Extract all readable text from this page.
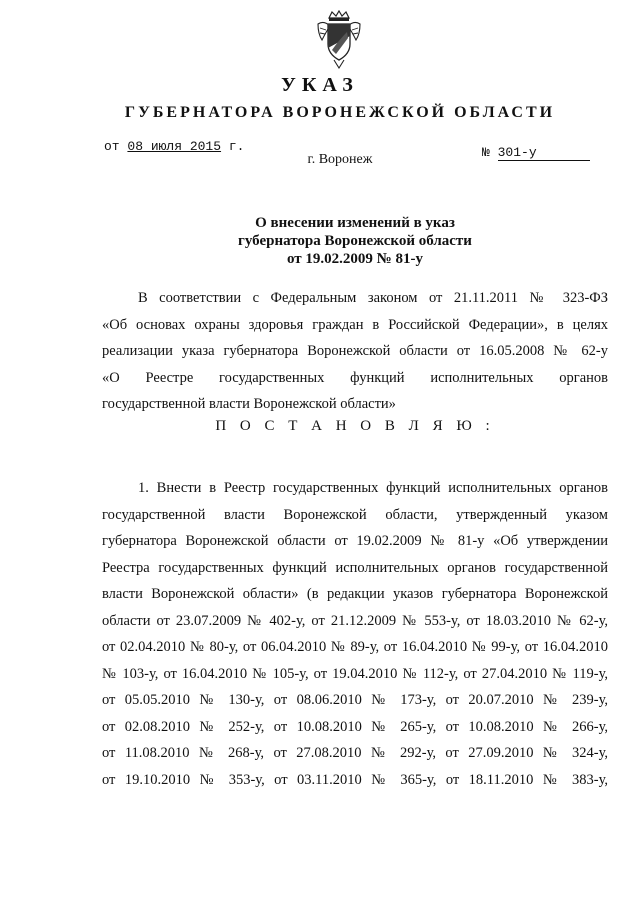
УКАЗ
ГУБЕРНАТОРА ВОРОНЕЖСКОЙ ОБЛАСТИ
от 08 июля 2015 г.	№ 301-у
г. Воронеж
О внесении изменений в указ
губернатора Воронежской области
от 19.02.2009 № 81-у
В соответствии с Федеральным законом от 21.11.2011 № 323-ФЗ
«Об основах охраны здоровья граждан в Российской Федерации», в целях
реализации указа губернатора Воронежской области от 16.05.2008 № 62-у
«О Реестре государственных функций исполнительных органов
государственной власти Воронежской области»
П О С Т А Н О В Л Я Ю :
1. Внести в Реестр государственных функций исполнительных органов
государственной власти Воронежской области, утвержденный указом
губернатора Воронежской области от 19.02.2009 № 81-у «Об утверждении
Реестра государственных функций исполнительных органов государственной
власти Воронежской области» (в редакции указов губернатора Воронежской
области от 23.07.2009 № 402-у, от 21.12.2009 № 553-у, от 18.03.2010 № 62-у,
от 02.04.2010 № 80-у, от 06.04.2010 № 89-у, от 16.04.2010 № 99-у, от 16.04.2010
№ 103-у, от 16.04.2010 № 105-у, от 19.04.2010 № 112-у, от 27.04.2010 № 119-у,
от 05.05.2010 № 130-у, от 08.06.2010 № 173-у, от 20.07.2010 № 239-у,
от 02.08.2010 № 252-у, от 10.08.2010 № 265-у, от 10.08.2010 № 266-у,
от 11.08.2010 № 268-у, от 27.08.2010 № 292-у, от 27.09.2010 № 324-у,
от 19.10.2010 № 353-у, от 03.11.2010 № 365-у, от 18.11.2010 № 383-у,
